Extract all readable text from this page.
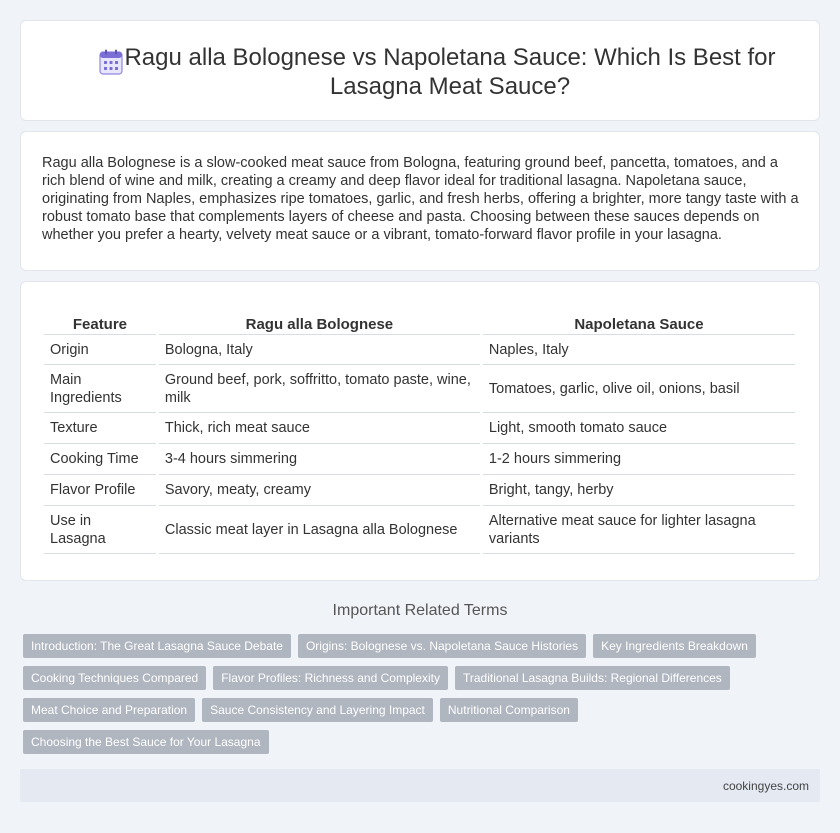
Ragu alla Bolognese vs Napoletana Sauce: Which Is Best for Lasagna Meat Sauce?

Ragu alla Bolognese is a slow-cooked meat sauce from Bologna, featuring ground beef, pancetta, tomatoes, and a rich blend of wine and milk, creating a creamy and deep flavor ideal for traditional lasagna. Napoletana sauce, originating from Naples, emphasizes ripe tomatoes, garlic, and fresh herbs, offering a brighter, more tangy taste with a robust tomato base that complements layers of cheese and pasta. Choosing between these sauces depends on whether you prefer a hearty, velvety meat sauce or a vibrant, tomato-forward flavor profile in your lasagna.

Feature	Ragu alla Bolognese	Napoletana Sauce
Origin	Bologna, Italy	Naples, Italy
Main Ingredients	Ground beef, pork, soffritto, tomato paste, wine, milk	Tomatoes, garlic, olive oil, onions, basil
Texture	Thick, rich meat sauce	Light, smooth tomato sauce
Cooking Time	3-4 hours simmering	1-2 hours simmering
Flavor Profile	Savory, meaty, creamy	Bright, tangy, herby
Use in Lasagna	Classic meat layer in Lasagna alla Bolognese	Alternative meat sauce for lighter lasagna variants
Important Related Terms
Introduction: The Great Lasagna Sauce Debate	Origins: Bolognese vs. Napoletana Sauce Histories	Key Ingredients Breakdown
Cooking Techniques Compared	Flavor Profiles: Richness and Complexity	Traditional Lasagna Builds: Regional Differences
Meat Choice and Preparation	Sauce Consistency and Layering Impact	Nutritional Comparison
Choosing the Best Sauce for Your Lasagna
cookingyes.com
